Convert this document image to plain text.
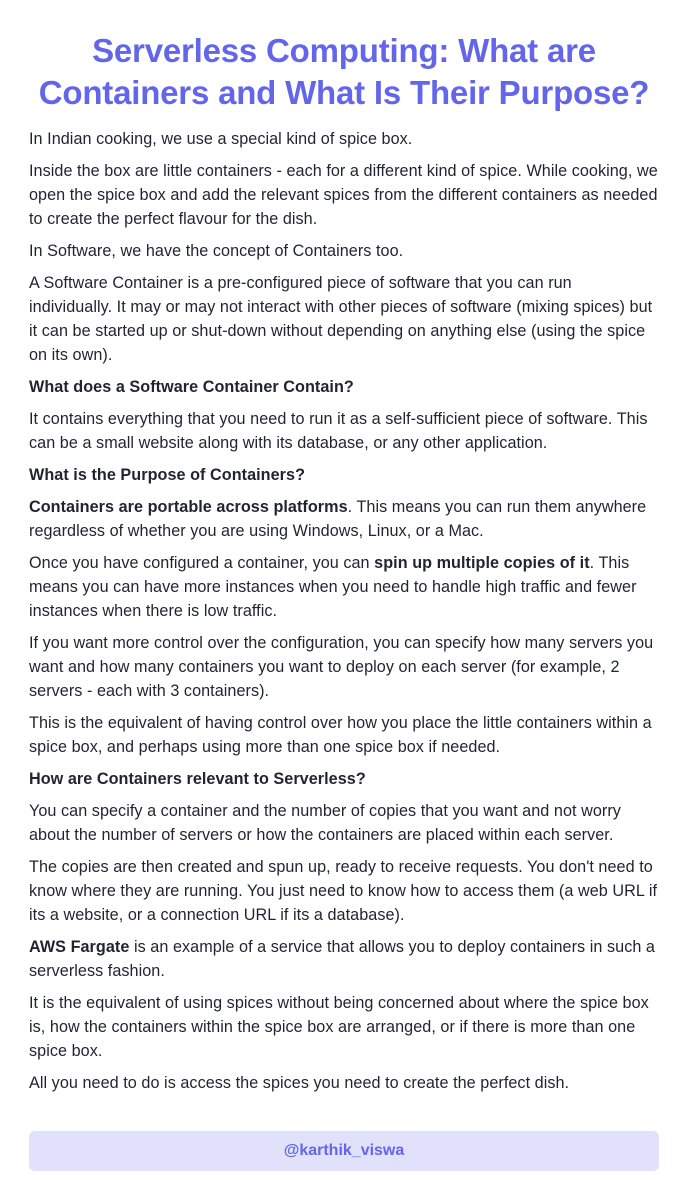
Serverless Computing: What are Containers and What Is Their Purpose?

In Indian cooking, we use a special kind of spice box.

Inside the box are little containers - each for a different kind of spice. While cooking, we open the spice box and add the relevant spices from the different containers as needed to create the perfect flavour for the dish.

In Software, we have the concept of Containers too.

A Software Container is a pre-configured piece of software that you can run individually. It may or may not interact with other pieces of software (mixing spices) but it can be started up or shut-down without depending on anything else (using the spice on its own).

What does a Software Container Contain?

It contains everything that you need to run it as a self-sufficient piece of software. This can be a small website along with its database, or any other application.

What is the Purpose of Containers?

Containers are portable across platforms. This means you can run them anywhere regardless of whether you are using Windows, Linux, or a Mac.

Once you have configured a container, you can spin up multiple copies of it. This means you can have more instances when you need to handle high traffic and fewer instances when there is low traffic.

If you want more control over the configuration, you can specify how many servers you want and how many containers you want to deploy on each server (for example, 2 servers - each with 3 containers).

This is the equivalent of having control over how you place the little containers within a spice box, and perhaps using more than one spice box if needed.

How are Containers relevant to Serverless?

You can specify a container and the number of copies that you want and not worry about the number of servers or how the containers are placed within each server.

The copies are then created and spun up, ready to receive requests. You don't need to know where they are running. You just need to know how to access them (a web URL if its a website, or a connection URL if its a database).

AWS Fargate is an example of a service that allows you to deploy containers in such a serverless fashion.

It is the equivalent of using spices without being concerned about where the spice box is, how the containers within the spice box are arranged, or if there is more than one spice box.

All you need to do is access the spices you need to create the perfect dish.

@karthik_viswa
